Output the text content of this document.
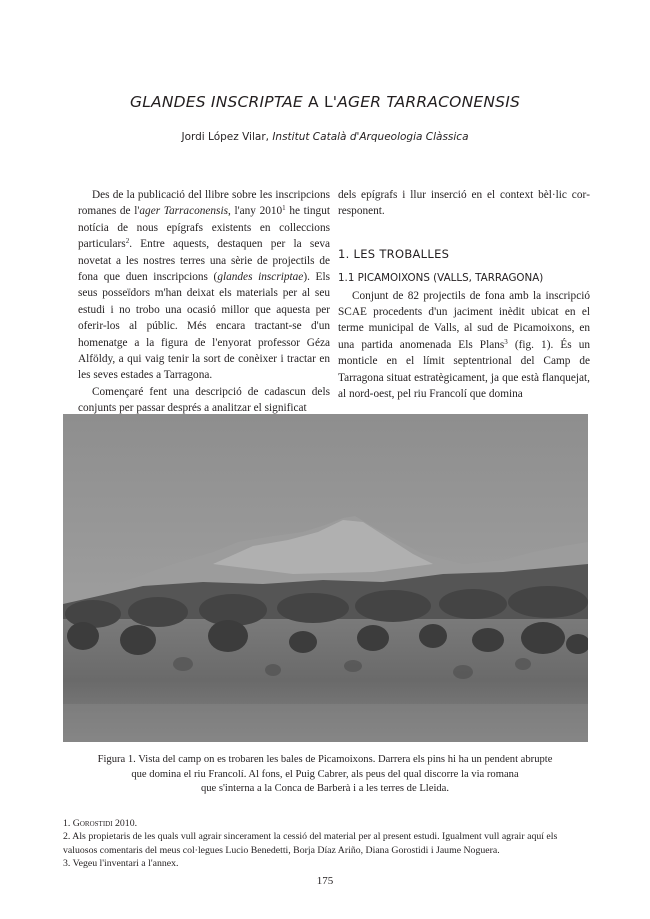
GLANDES INSCRIPTAE A L'AGER TARRACONENSIS
Jordi López Vilar, Institut Català d'Arqueologia Clàssica

Des de la publicació del llibre sobre les inscripcions romanes de l'ager Tarraconensis, l'any 2010$^1$ he tingut notícia de nous epígrafs existents en colleccions particulars$^2$. Entre aquests, destaquen per la seva novetat a les nostres terres una sèrie de projectils de fona que duen inscripcions (glandes inscriptae). Els seus posseïdors m'han deixat els materials per al seu estudi i no trobo una ocasió millor que aquesta per oferir-los al públic. Més encara tractant-se d'un homenatge a la figura de l'enyorat professor Géza Alföldy, a qui vaig tenir la sort de conèixer i tractar en les seves estades a Tarragona.

Començaré fent una descripció de cadascun dels conjunts per passar després a analitzar el significat

dels epígrafs i llur inserció en el context bèl·lic corresponent.

1. LES TROBALLES
1.1 PICAMOIXONS (VALLS, TARRAGONA)

Conjunt de 82 projectils de fona amb la inscripció SCAE procedents d'un jaciment inèdit ubicat en el terme municipal de Valls, al sud de Picamoixons, en una partida anomenada Els Plans$^3$ (fig. 1). És un monticle en el límit septentrional del Camp de Tarragona situat estratègicament, ja que està flanquejat, al nord-oest, pel riu Francolí que domina

Figura 1. Vista del camp on es trobaren les bales de Picamoixons. Darrera els pins hi ha un pendent abrupte
que domina el riu Francolí. Al fons, el Puig Cabrer, als peus del qual discorre la via romana
que s'interna a la Conca de Barberà i a les terres de Lleida.
1. Gorostidi 2010.
2. Als propietaris de les quals vull agrair sincerament la cessió del material per al present estudi. Igualment vull agrair aquí els
valuosos comentaris del meus col·legues Lucio Benedetti, Borja Díaz Ariño, Diana Gorostidi i Jaume Noguera.
3. Vegeu l'inventari a l'annex.
175
